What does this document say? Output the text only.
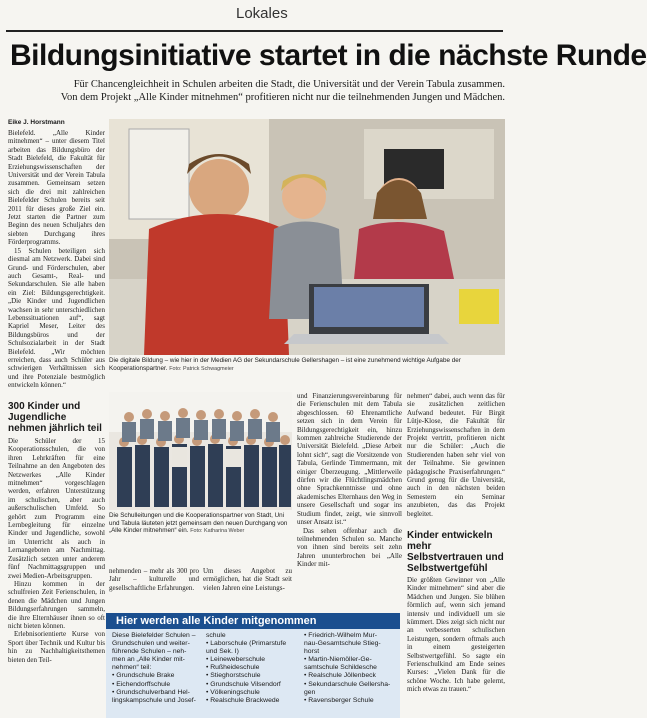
Lokales
Bildungsinitiative startet in die nächste Runde
Für Chancengleichheit in Schulen arbeiten die Stadt, die Universität und der Verein Tabula zusammen.
Von dem Projekt „Alle Kinder mitnehmen“ profitieren nicht nur die teilnehmenden Jungen und Mädchen.
Eike J. Horstmann

Bielefeld. „Alle Kinder mitnehmen“ – unter diesem Titel arbeiten das Bildungsbüro der Stadt Bielefeld, die Fakultät für Erziehungswissenschaften der Universität und der Verein Tabula zusammen. Gemeinsam setzen sich die drei mit zahlreichen Bielefelder Schulen bereits seit 2011 für dieses große Ziel ein. Jetzt starten die Partner zum Beginn des neuen Schuljahrs den siebten Durchgang ihres Förderprogramms.

15 Schulen beteiligen sich diesmal am Netzwerk. Dabei sind Grund- und Förderschulen, aber auch Gesamt-, Real- und Sekundarschulen. Sie alle haben ein Ziel: Bildungsgerechtigkeit. „Die Kinder und Jugendlichen wachsen in sehr unterschiedlichen Lebenssituationen auf“, sagt Kapriel Meser, Leiter des Bildungsbüros und der Schulsozialarbeit in der Stadt Bielefeld. „Wir möchten erreichen, dass auch Schüler aus schwierigen Verhältnissen sich und ihre Potenziale bestmöglich entwickeln können.“

300 Kinder und Jugendliche nehmen jährlich teil

Die Schüler der 15 Kooperationsschulen, die von ihren Lehrkräften für eine Teilnahme an den Angeboten des Netzwerkes „Alle Kinder mitnehmen“ vorgeschlagen werden, erfahren Unterstützung im schulischen, aber auch außerschulischen Umfeld. So gehört zum Programm eine Lernbegleitung für einzelne Kinder und Jugendliche, sowohl im Unterricht als auch in Lernangeboten am Nachmittag. Zusätzlich setzen unter anderem fünf Nachmittagsgruppen und zwei Medien-Arbeitsgruppen.

Hinzu kommen in der schulfreien Zeit Ferienschulen, in denen die Mädchen und Jungen Bildungserfahrungen sammeln, die ihre Elternhäuser ihnen so oft nicht bieten können.

Erlebnisorientierte Kurse von Sport über Technik und Kultur bis hin zu Nachhaltigkeitsthemen bieten den Teil-

Die digitale Bildung – wie hier in der Medien AG der Sekundarschule Gellershagen – ist eine zunehmend wichtige Aufgabe der Kooperationspartner. Foto: Patrick Schwagmeier
Die Schulleitungen und die Kooperationspartner von Stadt, Uni und Tabula läuteten jetzt gemeinsam den neuen Durchgang von „Alle Kinder mitnehmen“ ein. Foto: Katharina Weber

nehmenden – mehr als 300 pro Jahr – kulturelle und gesellschaftliche Erfahrungen.

Um dieses Angebot zu ermöglichen, hat die Stadt seit vielen Jahren eine Leistungs-

und Finanzierungsvereinbarung für die Ferienschulen mit dem Tabula abgeschlossen. 60 Ehrenamtliche setzen sich in dem Verein für Bildungsgerechtigkeit ein, hinzu kommen zahlreiche Studierende der Universität Bielefeld. „Diese Arbeit lohnt sich“, sagt die Vorsitzende von Tabula, Gerlinde Timmermann, mit einiger Überzeugung. „Mittlerweile dürfen wir die Flüchtlingsmädchen ohne Sprachkenntnisse und ohne akademisches Elternhaus den Weg in unsere Gesellschaft und sogar ins Studium findet, zeigt, wie sinnvoll unser Ansatz ist.“

Das sehen offenbar auch die teilnehmenden Schulen so. Manche von ihnen sind bereits seit zehn Jahren ununterbrochen bei „Alle Kinder mit-

nehmen“ dabei, auch wenn das für sie zusätzlichen zeitlichen Aufwand bedeutet. Für Birgit Lütje-Klose, die Fakultät für Erziehungswissenschaften in dem Projekt vertritt, profitieren nicht nur die Schüler: „Auch die Studierenden haben sehr viel von der Teilnahme. Sie gewinnen pädagogische Praxiserfahrungen.“ Grund genug für die Universität, auch in den nächsten beiden Semestern ein Seminar anzubieten, das das Projekt begleitet.

Kinder entwickeln mehr Selbstvertrauen und Selbstwertgefühl

Die größten Gewinner von „Alle Kinder mitnehmen“ sind aber die Mädchen und Jungen. Sie blühen förmlich auf, wenn sich jemand intensiv und individuell um sie kümmert. Dies zeigt sich nicht nur an verbesserten schulischen Leistungen, sondern oftmals auch in einem gesteigerten Selbstwertgefühl. So sagte ein Ferienschulkind am Ende seines Kurses: „Vielen Dank für die schöne Woche. Ich habe gelernt, mich etwas zu trauen.“

Hier werden alle Kinder mitgenommen
Diese Bielefelder Schulen –
Grundschulen und weiter-
führende Schulen – neh-
men an „Alle Kinder mit-
nehmen“ teil:
• Grundschule Brake
• Eichendorffschule
• Grundschulverband Hel-
lingskampschule und Josef-
schule
• Laborschule (Primarstufe
und Sek. I)
• Leineweberschule
• Rußheideschule
• Stieghorstschule
• Grundschule Vilsendorf
• Völkeningschule
• Realschule Brackwede
• Friedrich-Wilhelm Mur-
nau-Gesamtschule Stieg-
horst
• Martin-Niemöller-Ge-
samtschule Schildesche
• Realschule Jöllenbeck
• Sekundarschule Gellersha-
gen
• Ravensberger Schule
